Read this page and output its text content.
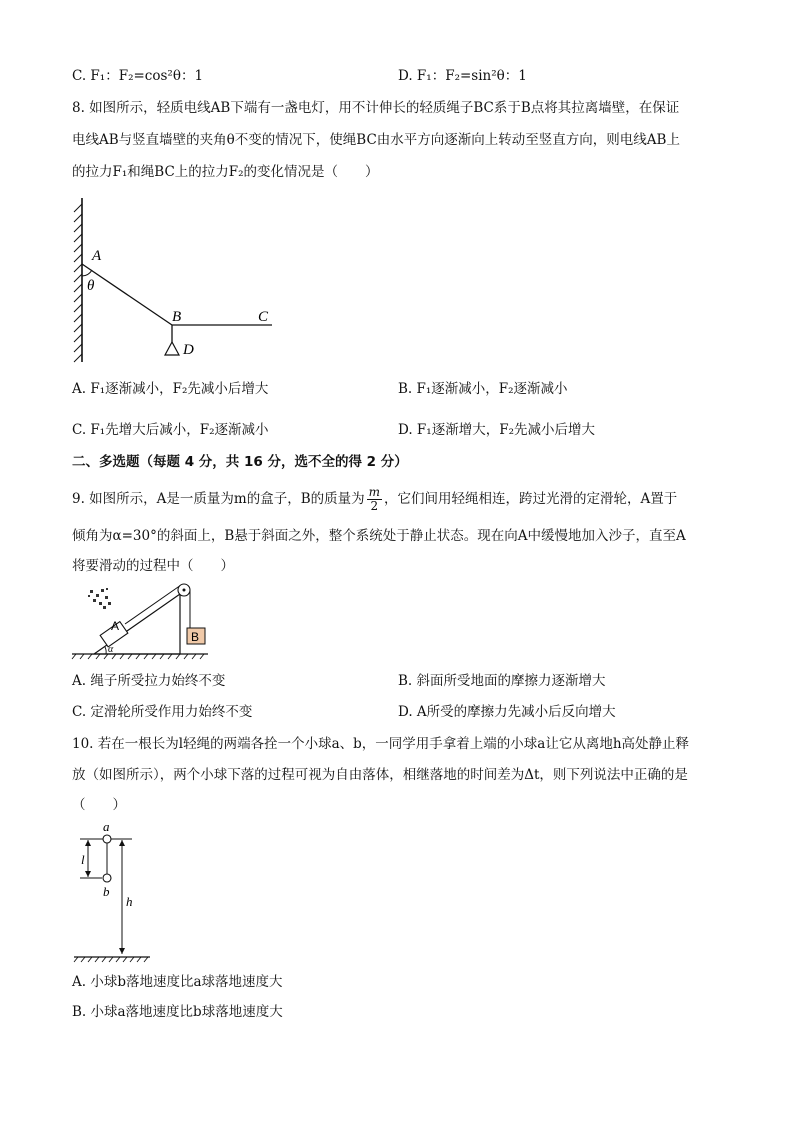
C. F₁：F₂=cos²θ：1	D. F₁：F₂=sin²θ：1
8. 如图所示，轻质电线AB下端有一盏电灯，用不计伸长的轻质绳子BC系于B点将其拉离墙壁，在保证
电线AB与竖直墙壁的夹角θ不变的情况下，使绳BC由水平方向逐渐向上转动至竖直方向，则电线AB上
的拉力F₁和绳BC上的拉力F₂的变化情况是（　　）
A
θ
B	C
D
A. F₁逐渐减小，F₂先减小后增大	B. F₁逐渐减小，F₂逐渐减小
C. F₁先增大后减小，F₂逐渐减小	D. F₁逐渐增大，F₂先减小后增大
二、多选题（每题 4 分，共 16 分，选不全的得 2 分）
9. 如图所示，A是一质量为m的盒子，B的质量为 $\frac{m}{2}$ ，它们间用轻绳相连，跨过光滑的定滑轮，A置于
倾角为α=30°的斜面上，B悬于斜面之外，整个系统处于静止状态。现在向A中缓慢地加入沙子，直至A
将要滑动的过程中（　　）
A
B
α
A. 绳子所受拉力始终不变	B. 斜面所受地面的摩擦力逐渐增大
C. 定滑轮所受作用力始终不变	D. A所受的摩擦力先减小后反向增大
10. 若在一根长为l轻绳的两端各拴一个小球a、b，一同学用手拿着上端的小球a让它从离地h高处静止释
放（如图所示），两个小球下落的过程可视为自由落体，相继落地的时间差为Δt，则下列说法中正确的是
（　　）
a
b
l
h
A. 小球b落地速度比a球落地速度大
B. 小球a落地速度比b球落地速度大
